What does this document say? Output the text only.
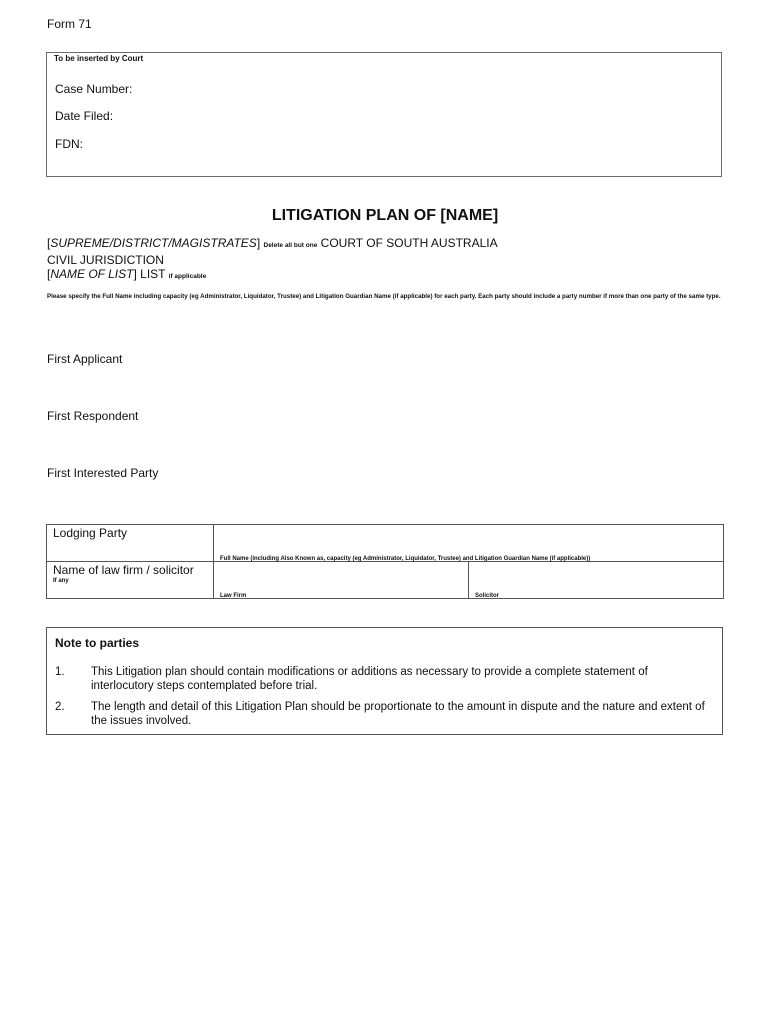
Form 71
To be inserted by Court
Case Number:
Date Filed:
FDN:
LITIGATION PLAN OF [NAME]
[SUPREME/DISTRICT/MAGISTRATES] Delete all but one COURT OF SOUTH AUSTRALIA
CIVIL JURISDICTION
[NAME OF LIST] LIST if applicable
Please specify the Full Name including capacity (eg Administrator, Liquidator, Trustee) and Litigation Guardian Name (if applicable) for each party. Each party should include a party number if more than one party of the same type.
First Applicant
First Respondent
First Interested Party
Lodging Party	Full Name (including Also Known as, capacity (eg Administrator, Liquidator, Trustee) and Litigation Guardian Name (if applicable))	

Name of law firm / solicitor
If any	Law Firm	Solicitor
Note to parties
1. This Litigation plan should contain modifications or additions as necessary to provide a complete statement of interlocutory steps contemplated before trial.
2. The length and detail of this Litigation Plan should be proportionate to the amount in dispute and the nature and extent of the issues involved.
